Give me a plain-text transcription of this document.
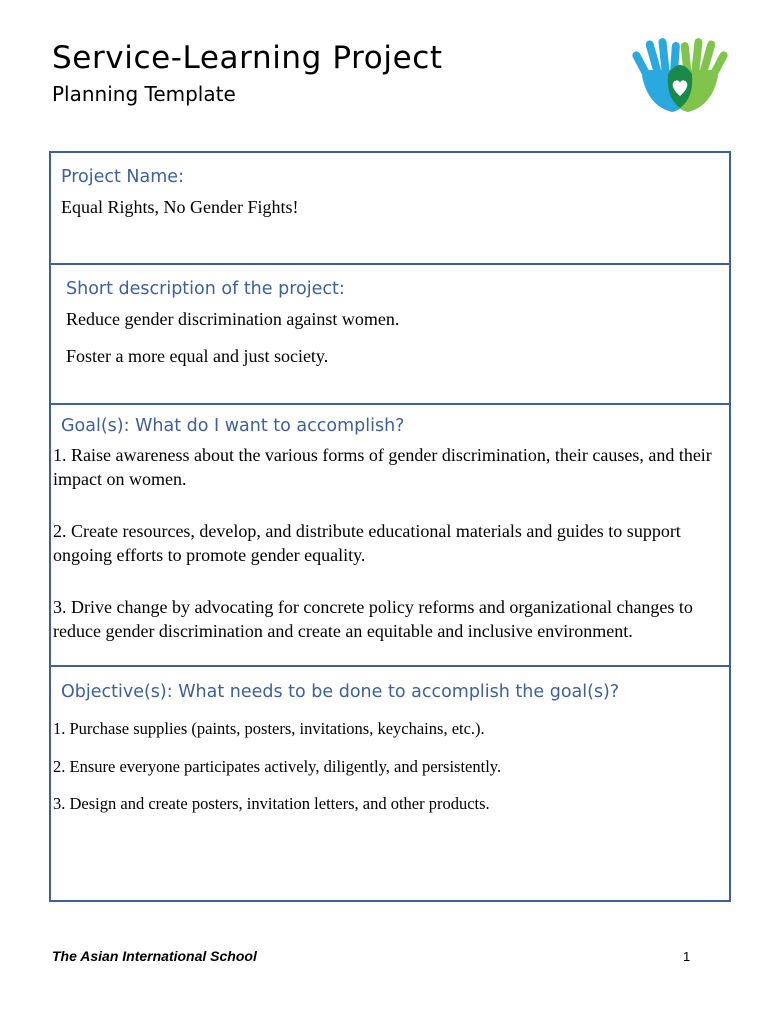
Service-Learning Project
Planning Template
Project Name:
Equal Rights, No Gender Fights!
Short description of the project:
Reduce gender discrimination against women.
Foster a more equal and just society.
Goal(s): What do I want to accomplish?
1. Raise awareness about the various forms of gender discrimination, their causes, and their impact on women.
2. Create resources, develop, and distribute educational materials and guides to support ongoing efforts to promote gender equality.
3. Drive change by advocating for concrete policy reforms and organizational changes to reduce gender discrimination and create an equitable and inclusive environment.
Objective(s): What needs to be done to accomplish the goal(s)?
1. Purchase supplies (paints, posters, invitations, keychains, etc.).
2. Ensure everyone participates actively, diligently, and persistently.
3. Design and create posters, invitation letters, and other products.
The Asian International School	1
